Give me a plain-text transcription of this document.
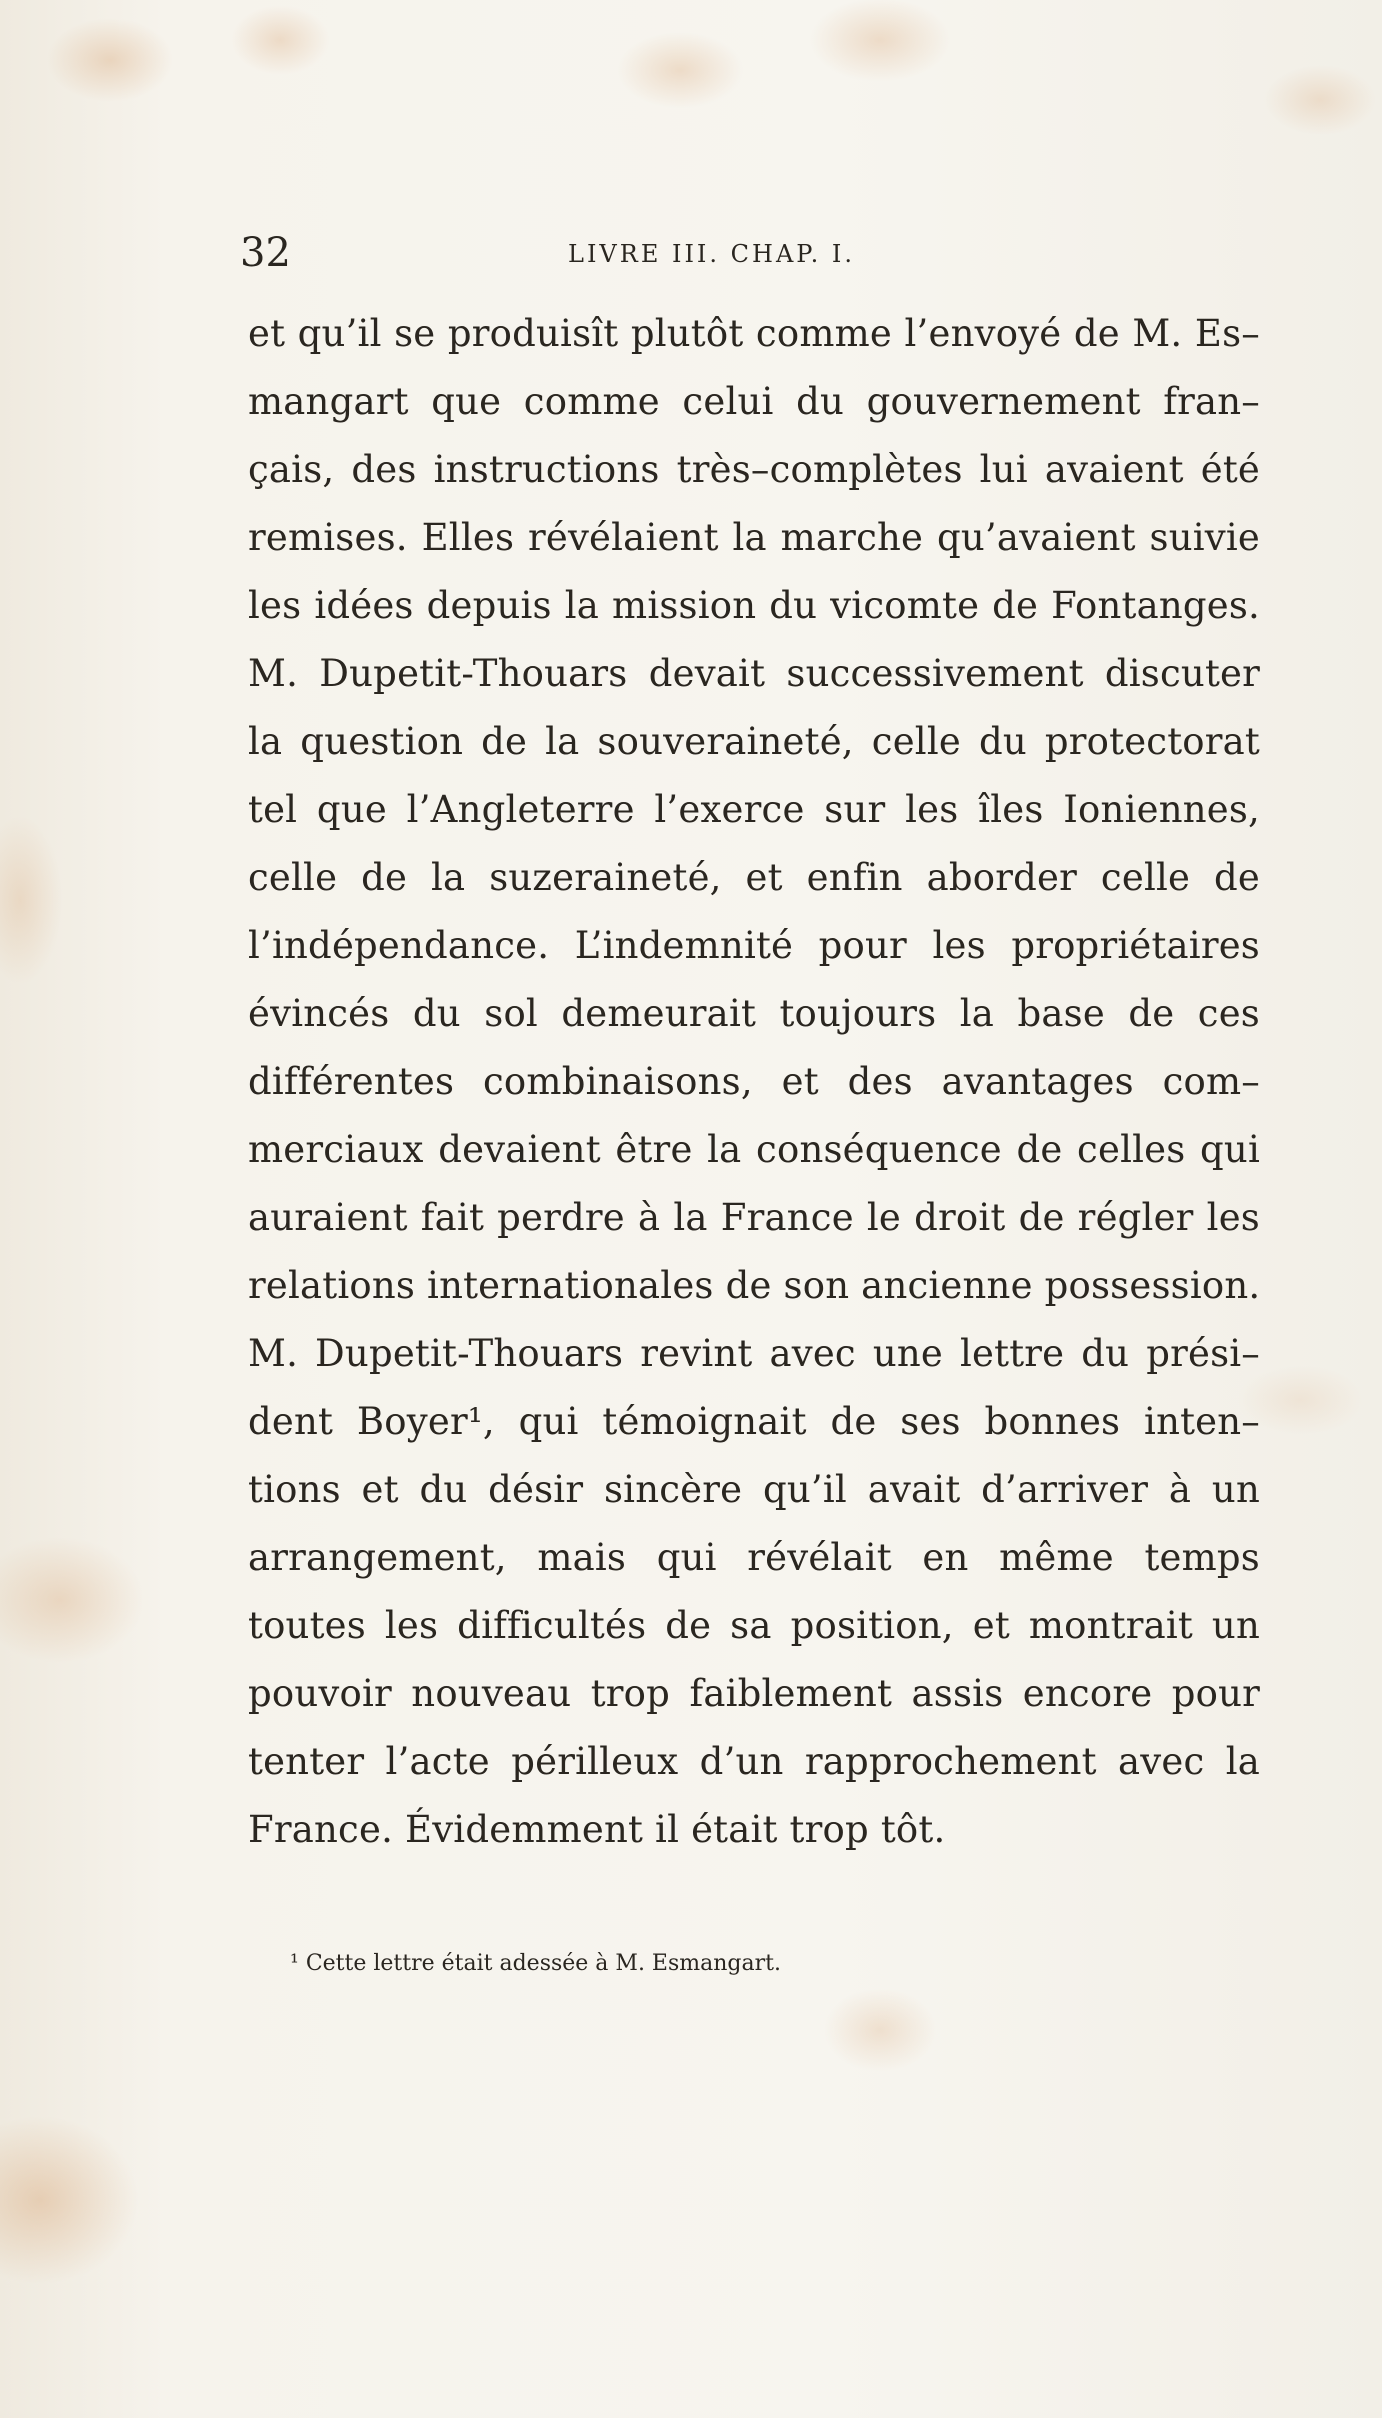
32	LIVRE III. CHAP. I.
et qu’il se produisît plutôt comme l’envoyé de M. Es–
mangart que comme celui du gouvernement fran–
çais, des instructions très–complètes lui avaient été
remises. Elles révélaient la marche qu’avaient suivie
les idées depuis la mission du vicomte de Fontanges.
M. Dupetit-Thouars devait successivement discuter
la question de la souveraineté, celle du protectorat
tel que l’Angleterre l’exerce sur les îles Ioniennes,
celle de la suzeraineté, et enfin aborder celle de
l’indépendance. L’indemnité pour les propriétaires
évincés du sol demeurait toujours la base de ces
différentes combinaisons, et des avantages com–
merciaux devaient être la conséquence de celles qui
auraient fait perdre à la France le droit de régler les
relations internationales de son ancienne possession.
M. Dupetit-Thouars revint avec une lettre du prési–
dent Boyer¹, qui témoignait de ses bonnes inten–
tions et du désir sincère qu’il avait d’arriver à un
arrangement, mais qui révélait en même temps
toutes les difficultés de sa position, et montrait un
pouvoir nouveau trop faiblement assis encore pour
tenter l’acte périlleux d’un rapprochement avec la
France. Évidemment il était trop tôt.
¹ Cette lettre était adessée à M. Esmangart.
